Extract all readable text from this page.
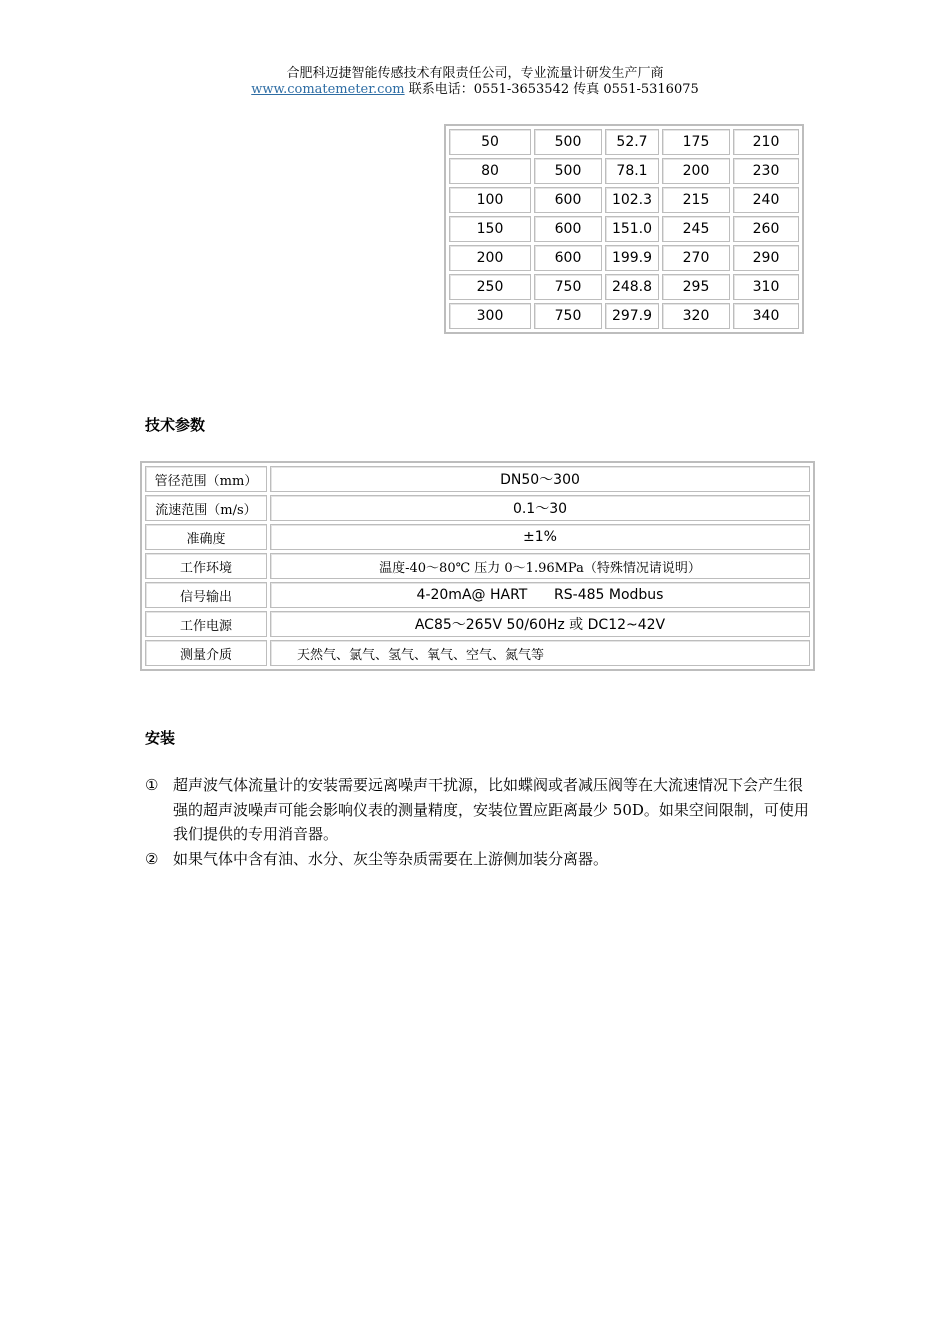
合肥科迈捷智能传感技术有限责任公司，专业流量计研发生产厂商
www.comatemeter.com 联系电话：0551-3653542 传真 0551-5316075
50	500	52.7	175	210
80	500	78.1	200	230
100	600	102.3	215	240
150	600	151.0	245	260
200	600	199.9	270	290
250	750	248.8	295	310
300	750	297.9	320	340
技术参数
管径范围（mm）	DN50～300
流速范围（m/s）	0.1～30
准确度	±1%
工作环境	温度-40～80℃ 压力 0～1.96MPa（特殊情况请说明）
信号输出	4-20mA@ HART      RS-485 Modbus
工作电源	AC85～265V 50/60Hz 或 DC12~42V
测量介质	天然气、氯气、氢气、氧气、空气、氮气等
安装
① 超声波气体流量计的安装需要远离噪声干扰源，比如蝶阀或者减压阀等在大流速情况下会产生很强的超声波噪声可能会影响仪表的测量精度，安装位置应距离最少 50D。如果空间限制，可使用我们提供的专用消音器。
② 如果气体中含有油、水分、灰尘等杂质需要在上游侧加装分离器。
